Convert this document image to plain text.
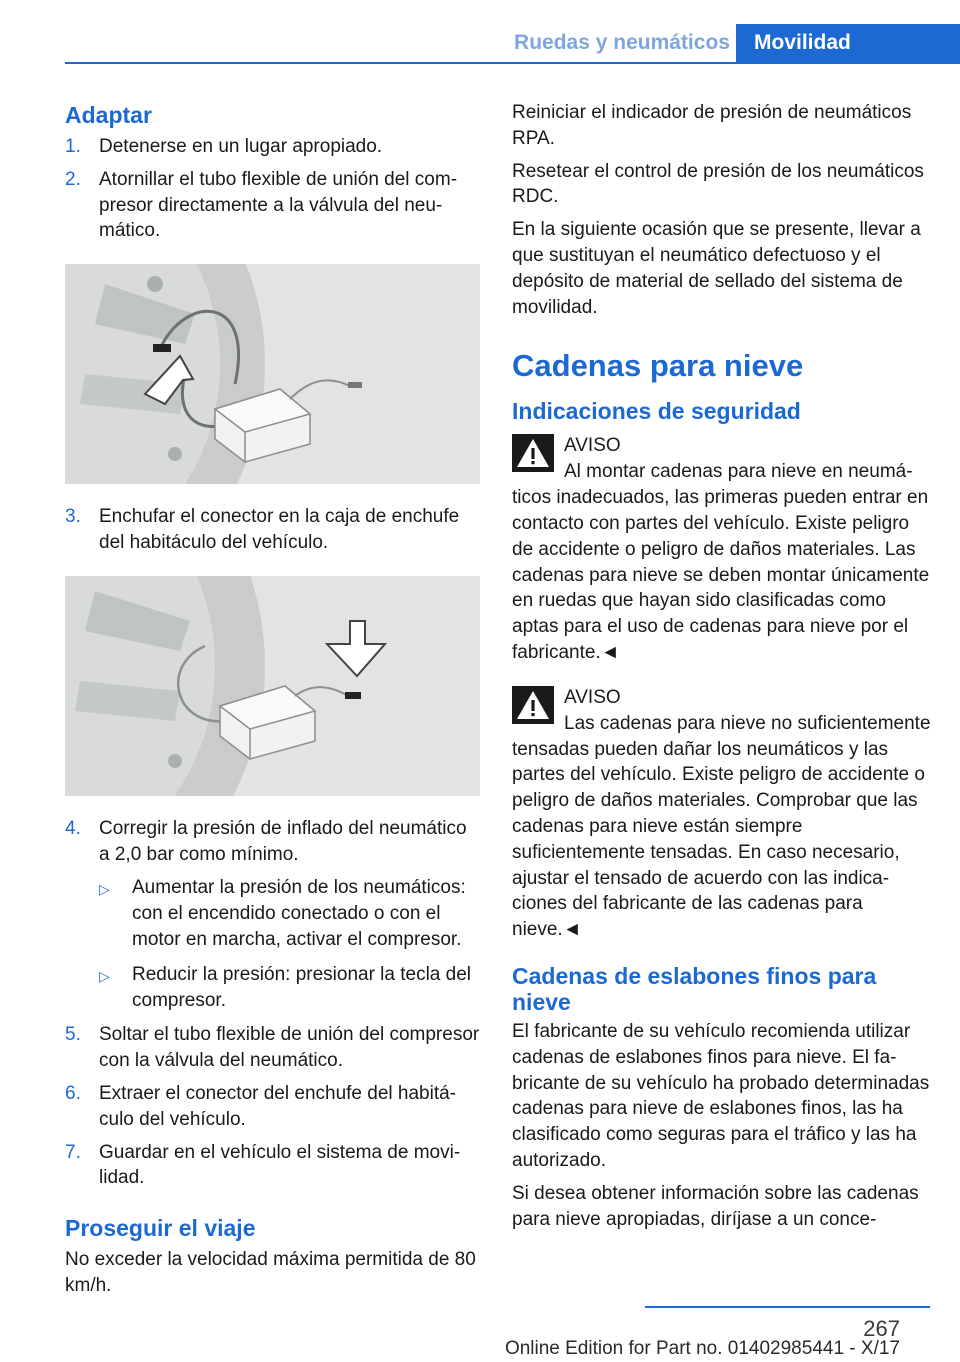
Ruedas y neumáticos	Movilidad
Adaptar
1. Detenerse en un lugar apropiado.
2. Atornillar el tubo flexible de unión del compresor directamente a la válvula del neumático.
3. Enchufar el conector en la caja de enchufe del habitáculo del vehículo.
4. Corregir la presión de inflado del neumático a 2,0 bar como mínimo.
▷	Aumentar la presión de los neumáticos: con el encendido conectado o con el motor en marcha, activar el compresor.
▷	Reducir la presión: presionar la tecla del compresor.
5. Soltar el tubo flexible de unión del compresor con la válvula del neumático.
6. Extraer el conector del enchufe del habitáculo del vehículo.
7. Guardar en el vehículo el sistema de movilidad.
Proseguir el viaje

No exceder la velocidad máxima permitida de 80 km/h.

Reiniciar el indicador de presión de neumáticos RPA.

Resetear el control de presión de los neumáticos RDC.

En la siguiente ocasión que se presente, llevar a que sustituyan el neumático defectuoso y el depósito de material de sellado del sistema de movilidad.

Cadenas para nieve
Indicaciones de seguridad
AVISO
Al montar cadenas para nieve en neumáticos inadecuados, las primeras pueden entrar en contacto con partes del vehículo. Existe peligro de accidente o peligro de daños materiales. Las cadenas para nieve se deben montar únicamente en ruedas que hayan sido clasificadas como aptas para el uso de cadenas para nieve por el fabricante.◄
AVISO
Las cadenas para nieve no suficientemente tensadas pueden dañar los neumáticos y las partes del vehículo. Existe peligro de accidente o peligro de daños materiales. Comprobar que las cadenas para nieve están siempre suficientemente tensadas. En caso necesario, ajustar el tensado de acuerdo con las indicaciones del fabricante de las cadenas para nieve.◄
Cadenas de eslabones finos para nieve

El fabricante de su vehículo recomienda utilizar cadenas de eslabones finos para nieve. El fabricante de su vehículo ha probado determinadas cadenas para nieve de eslabones finos, las ha clasificado como seguras para el tráfico y las ha autorizado.

Si desea obtener información sobre las cadenas para nieve apropiadas, diríjase a un conce-

267
Online Edition for Part no. 01402985441 - X/17
